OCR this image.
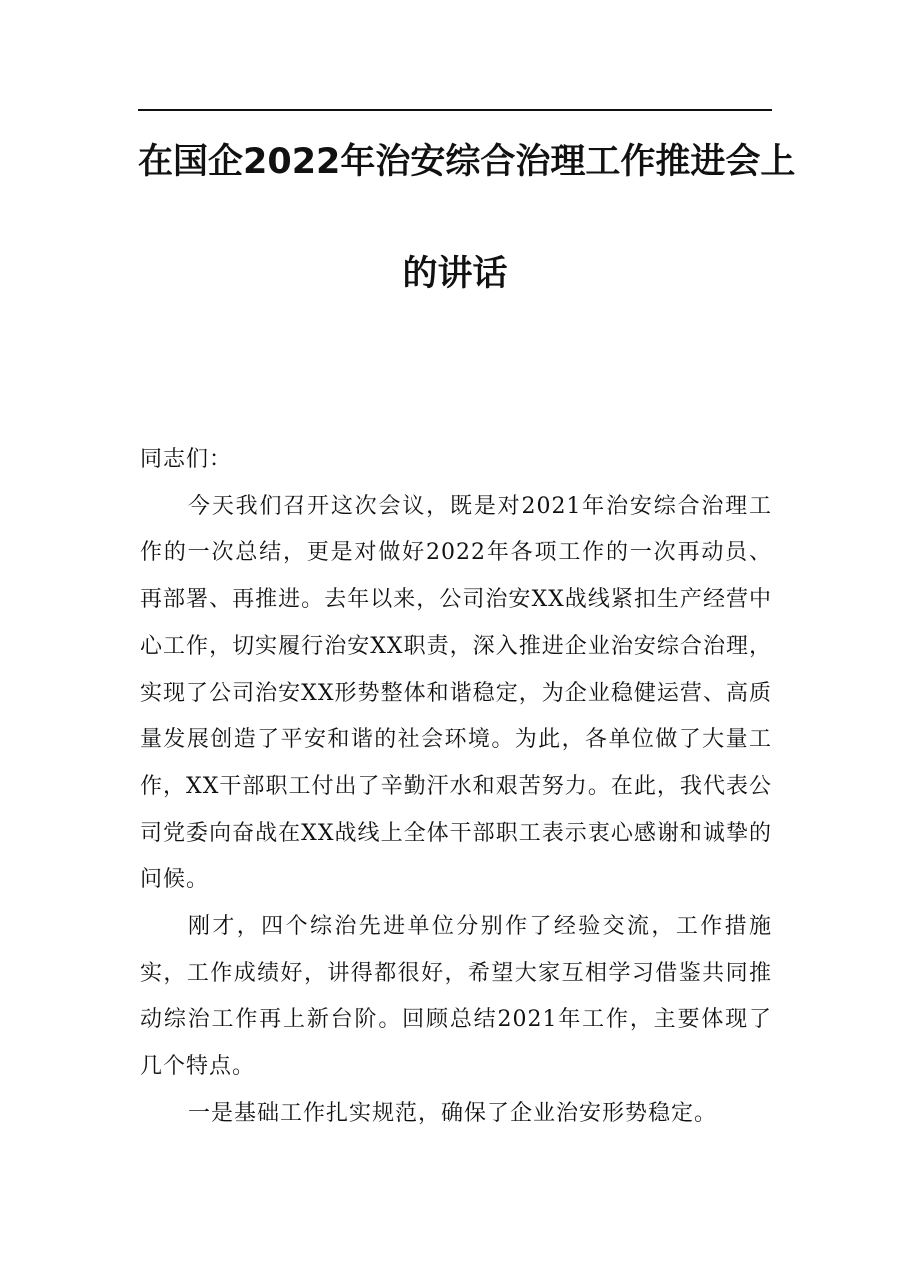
在国企2022年治安综合治理工作推进会上
的讲话

同志们：

今天我们召开这次会议，既是对2021年治安综合治理工作的一次总结，更是对做好2022年各项工作的一次再动员、再部署、再推进。去年以来，公司治安XX战线紧扣生产经营中心工作，切实履行治安XX职责，深入推进企业治安综合治理，实现了公司治安XX形势整体和谐稳定，为企业稳健运营、高质量发展创造了平安和谐的社会环境。为此，各单位做了大量工作，XX干部职工付出了辛勤汗水和艰苦努力。在此，我代表公司党委向奋战在XX战线上全体干部职工表示衷心感谢和诚挚的问候。

刚才，四个综治先进单位分别作了经验交流，工作措施实，工作成绩好，讲得都很好，希望大家互相学习借鉴共同推动综治工作再上新台阶。回顾总结2021年工作，主要体现了几个特点。

一是基础工作扎实规范，确保了企业治安形势稳定。
